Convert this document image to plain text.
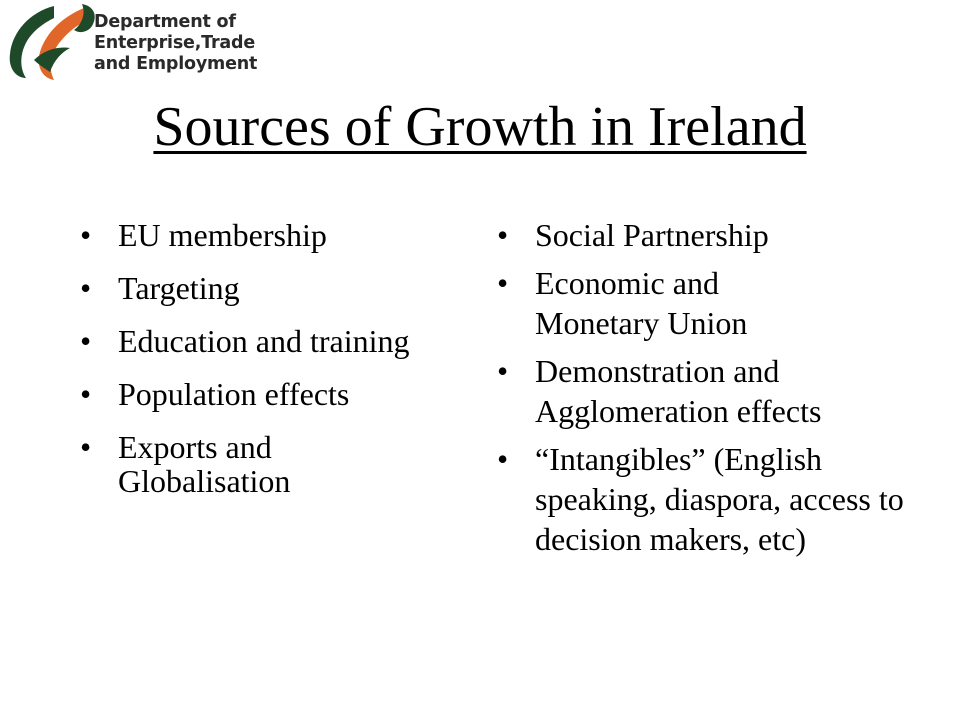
Department of
Enterprise,Trade
and Employment
Sources of Growth in Ireland
• EU membership
• Targeting
• Education and training
• Population effects
• Exports and Globalisation
• Social Partnership
• Economic and Monetary Union
• Demonstration and Agglomeration effects
• “Intangibles” (English speaking, diaspora, access to decision makers, etc)
